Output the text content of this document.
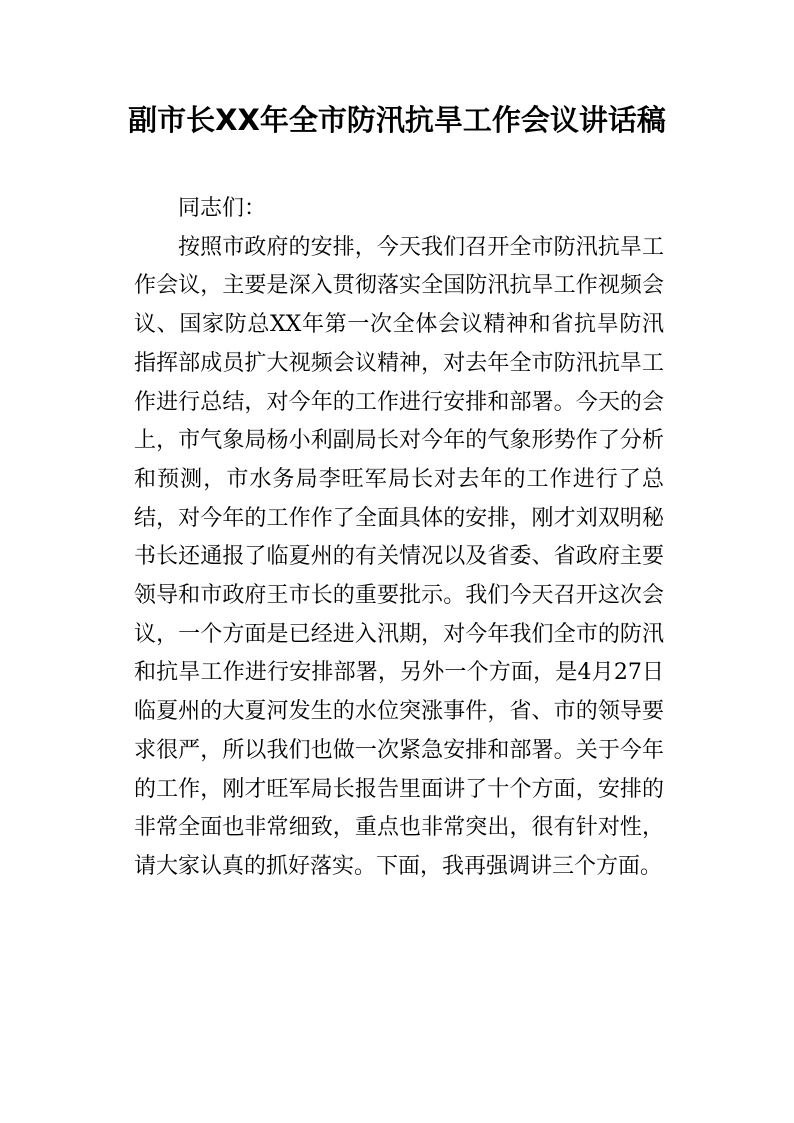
副市长XX年全市防汛抗旱工作会议讲话稿

同志们：

按照市政府的安排，今天我们召开全市防汛抗旱工作会议，主要是深入贯彻落实全国防汛抗旱工作视频会议、国家防总XX年第一次全体会议精神和省抗旱防汛指挥部成员扩大视频会议精神，对去年全市防汛抗旱工作进行总结，对今年的工作进行安排和部署。今天的会上，市气象局杨小利副局长对今年的气象形势作了分析和预测，市水务局李旺军局长对去年的工作进行了总结，对今年的工作作了全面具体的安排，刚才刘双明秘书长还通报了临夏州的有关情况以及省委、省政府主要领导和市政府王市长的重要批示。我们今天召开这次会议，一个方面是已经进入汛期，对今年我们全市的防汛和抗旱工作进行安排部署，另外一个方面，是4月27日临夏州的大夏河发生的水位突涨事件，省、市的领导要求很严，所以我们也做一次紧急安排和部署。关于今年的工作，刚才旺军局长报告里面讲了十个方面，安排的非常全面也非常细致，重点也非常突出，很有针对性，请大家认真的抓好落实。下面，我再强调讲三个方面。
